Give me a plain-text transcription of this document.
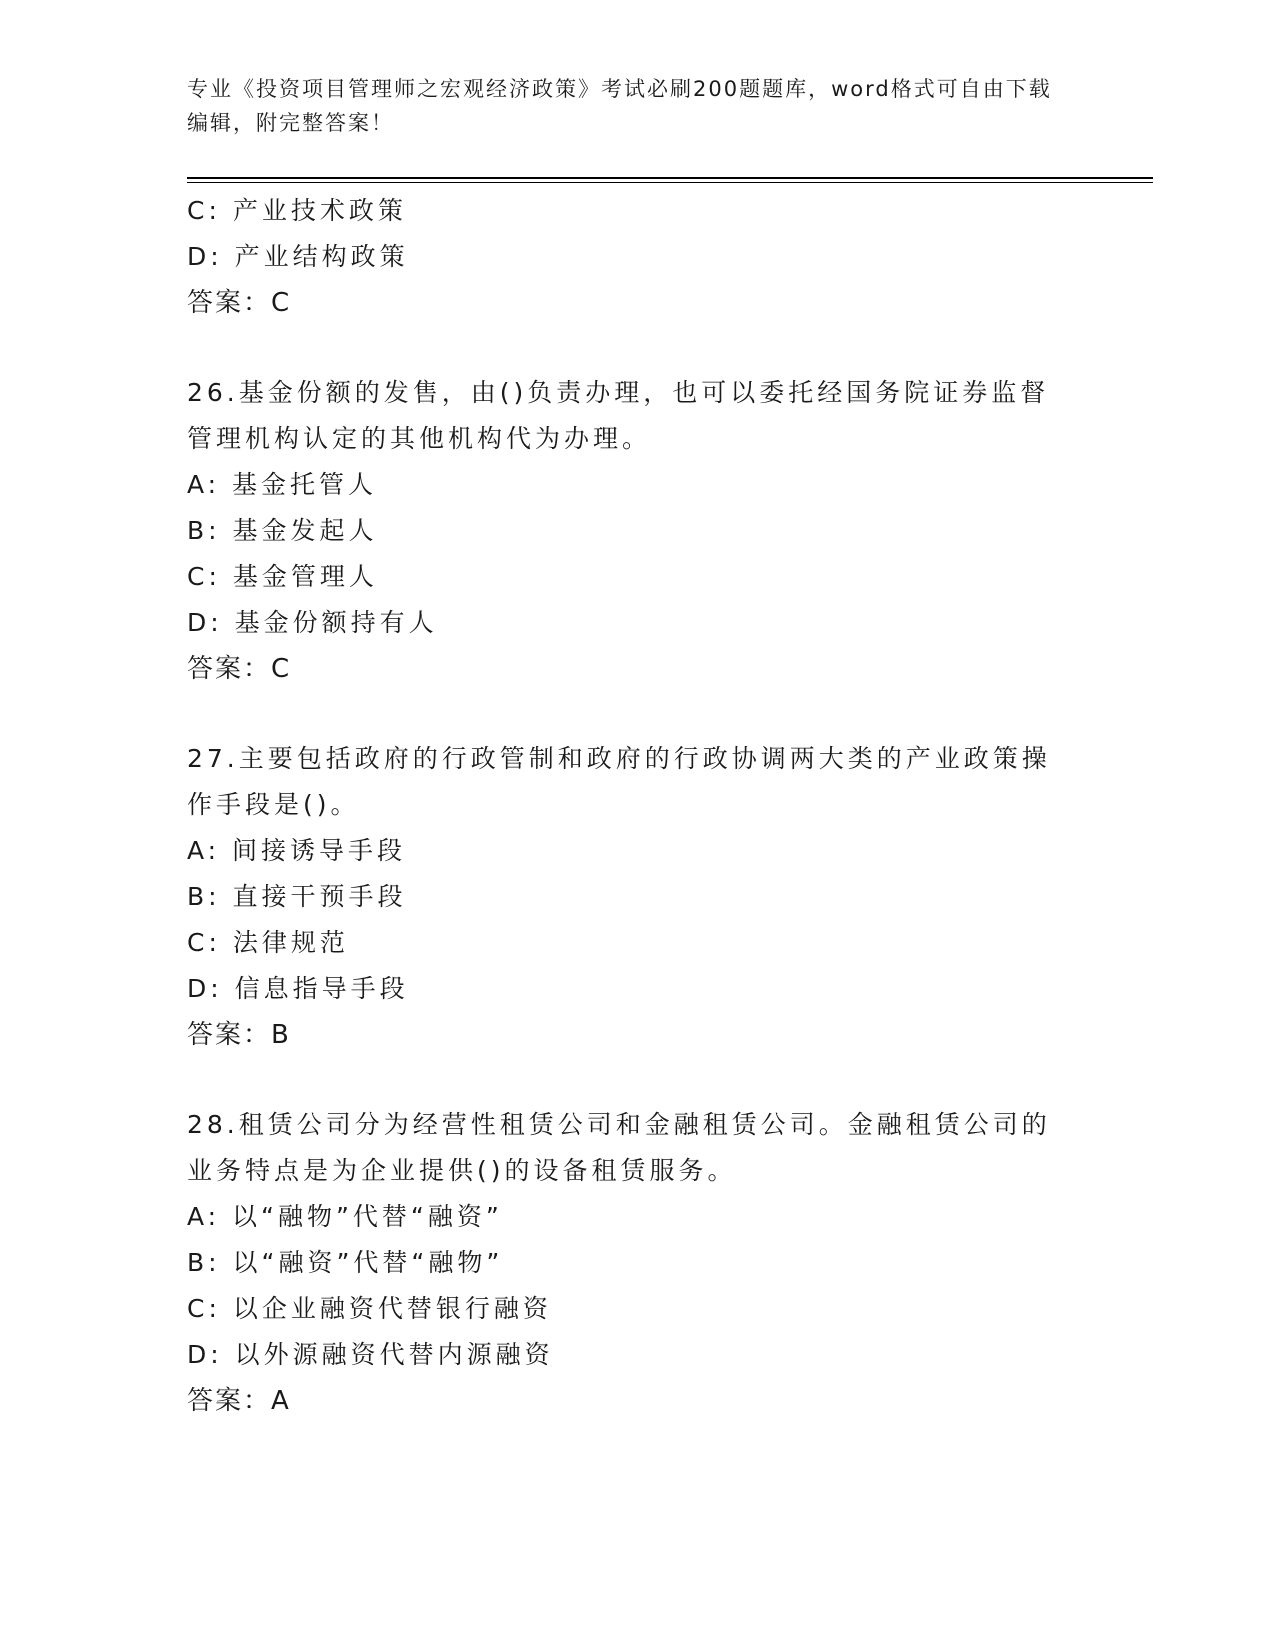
专业《投资项目管理师之宏观经济政策》考试必刷200题题库，word格式可自由下载编辑，附完整答案！
C: 产业技术政策
D: 产业结构政策
答案：C
26.基金份额的发售，由()负责办理，也可以委托经国务院证券监督管理机构认定的其他机构代为办理。
A: 基金托管人
B: 基金发起人
C: 基金管理人
D: 基金份额持有人
答案：C
27.主要包括政府的行政管制和政府的行政协调两大类的产业政策操作手段是()。
A: 间接诱导手段
B: 直接干预手段
C: 法律规范
D: 信息指导手段
答案：B
28.租赁公司分为经营性租赁公司和金融租赁公司。金融租赁公司的业务特点是为企业提供()的设备租赁服务。
A: 以“融物”代替“融资”
B: 以“融资”代替“融物”
C: 以企业融资代替银行融资
D: 以外源融资代替内源融资
答案：A
